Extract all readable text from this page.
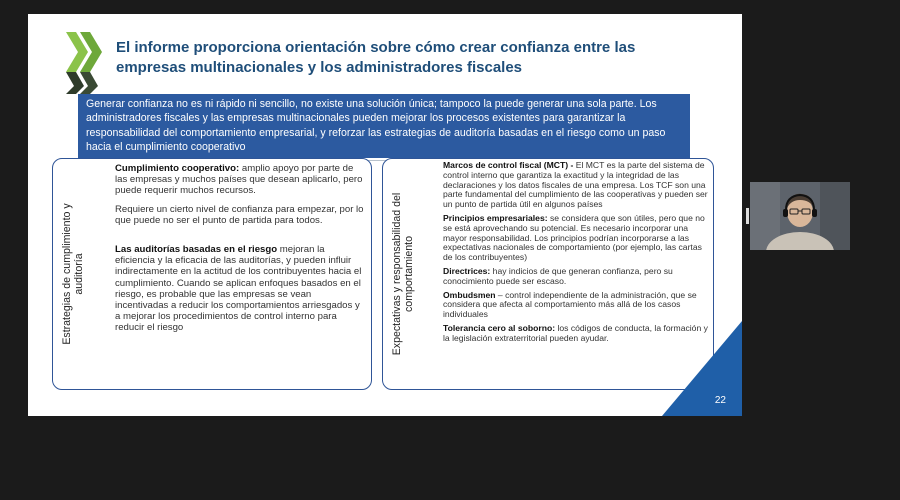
El informe proporciona orientación sobre cómo crear confianza entre las
empresas multinacionales y los administradores fiscales
Generar confianza no es ni rápido ni sencillo, no existe una solución única; tampoco la puede generar una sola parte. Los administradores fiscales y las empresas multinacionales pueden mejorar los procesos existentes para garantizar la responsabilidad del comportamiento empresarial, y reforzar las estrategias de auditoría basadas en el riesgo como un paso hacia el cumplimiento cooperativo
Estrategias de cumplimiento y auditoría

Cumplimiento cooperativo: amplio apoyo por parte de las empresas y muchos países que desean aplicarlo, pero puede requerir muchos recursos.

Requiere un cierto nivel de confianza para empezar, por lo que puede no ser el punto de partida para todos.

Las auditorías basadas en el riesgo mejoran la eficiencia y la eficacia de las auditorías, y pueden influir indirectamente en la actitud de los contribuyentes hacia el cumplimiento. Cuando se aplican enfoques basados en el riesgo, es probable que las empresas se vean incentivadas a reducir los comportamientos arriesgados y a mejorar los procedimientos de control interno para reducir el riesgo	Expectativas y responsabilidad del comportamiento

Marcos de control fiscal (MCT) - El MCT es la parte del sistema de control interno que garantiza la exactitud y la integridad de las declaraciones y los datos fiscales de una empresa. Los TCF son una parte fundamental del cumplimiento de las cooperativas y pueden ser un punto de partida útil en algunos países

Principios empresariales: se considera que son útiles, pero que no se está aprovechando su potencial. Es necesario incorporar una mayor responsabilidad. Los principios podrían incorporarse a las expectativas nacionales de comportamiento (por ejemplo, las cartas de los contribuyentes)

Directrices: hay indicios de que generan confianza, pero su conocimiento puede ser escaso.

Ombudsmen – control independiente de la administración, que se considera que afecta al comportamiento más allá de los casos individuales

Tolerancia cero al soborno: los códigos de conducta, la formación y la legislación extraterritorial pueden ayudar.

22
